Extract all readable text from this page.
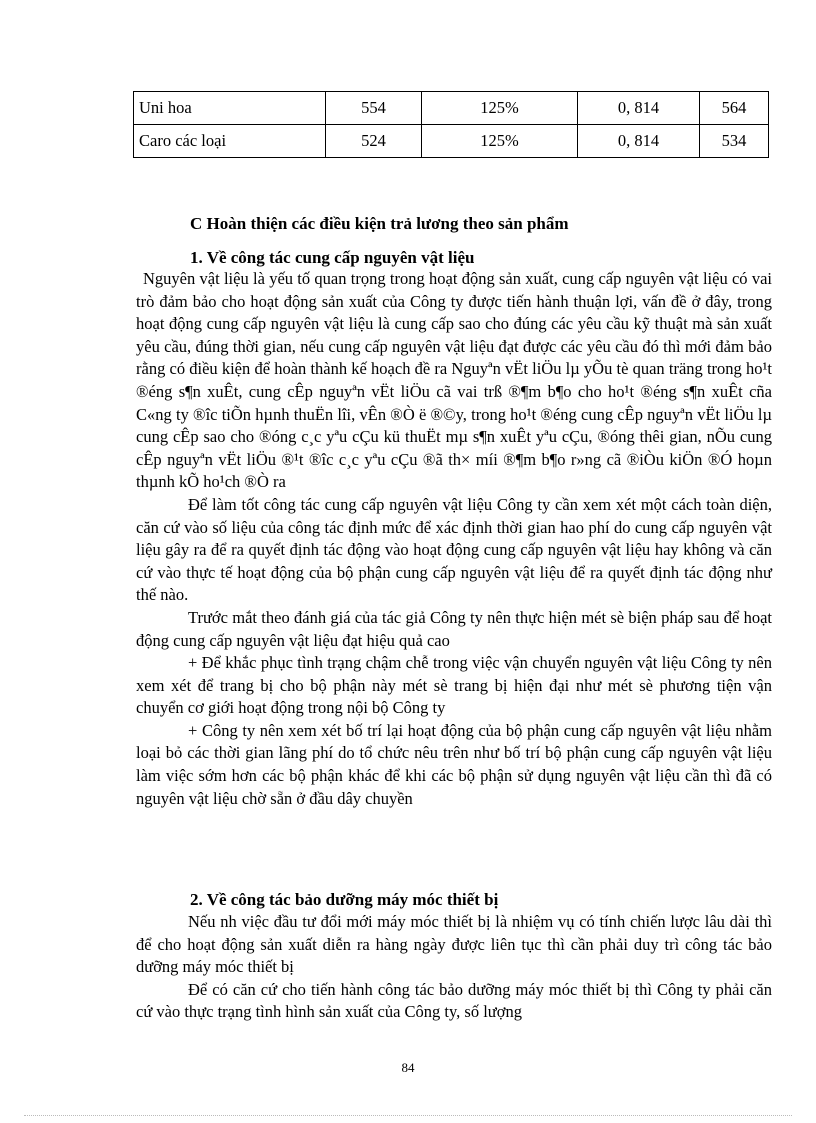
Uni hoa	554	125%	0, 814	564
Caro các loại	524	125%	0, 814	534
C Hoàn thiện các điều kiện trả lương theo sản phẩm
1. Về công tác cung cấp nguyên vật liệu

Nguyên vật liệu là yếu tố quan trọng trong hoạt động sản xuất, cung cấp nguyên vật liệu có vai trò đảm bảo cho hoạt động sản xuất của Công ty được tiến hành thuận lợi, vấn đề ở đây, trong hoạt động cung cấp nguyên vật liệu là cung cấp sao cho đúng các yêu cầu kỹ thuật mà sản xuất yêu cầu, đúng thời gian, nếu cung cấp nguyên vật liệu đạt được các yêu cầu đó thì mới đảm bảo rằng có điều kiện để hoàn thành kế hoạch đề ra Nguyªn vËt liÖu lµ yÕu tè quan träng trong ho¹t ®éng s¶n xuÊt, cung cÊp nguyªn vËt liÖu cã vai trß ®¶m b¶o cho ho¹t ®éng s¶n xuÊt cña C«ng ty ®îc tiÕn hµnh thuËn lîi, vÊn ®Ò ë ®©y, trong ho¹t ®éng cung cÊp nguyªn vËt liÖu lµ cung cÊp sao cho ®óng c¸c yªu cÇu kü thuËt mµ s¶n xuÊt yªu cÇu, ®óng thêi gian, nÕu cung cÊp nguyªn vËt liÖu ®¹t ®îc c¸c yªu cÇu ®ã th× míi ®¶m b¶o r»ng cã ®iÒu kiÖn ®Ó hoµn thµnh kÕ ho¹ch ®Ò ra

Để làm tốt công tác cung cấp nguyên vật liệu Công ty cần xem xét một cách toàn diện, căn cứ vào số liệu của công tác định mức để xác định thời gian hao phí do cung cấp nguyên vật liệu gây ra để ra quyết định tác động vào hoạt động cung cấp nguyên vật liệu hay không và căn cứ vào thực tế hoạt động của bộ phận cung cấp nguyên vật liệu để ra quyết định tác động như thế nào.

Trước mắt theo đánh giá của tác giả Công ty nên thực hiện mét sè biện pháp sau để hoạt động cung cấp nguyên vật liệu đạt hiệu quả cao

+ Để khắc phục tình trạng chậm chễ trong việc vận chuyển nguyên vật liệu Công ty nên xem xét để trang bị cho bộ phận này mét sè trang bị hiện đại như mét sè phương tiện vận chuyển cơ giới hoạt động trong nội bộ Công ty

+ Công ty nên xem xét bố trí lại hoạt động của bộ phận cung cấp nguyên vật liệu nhằm loại bỏ các thời gian lãng phí do tổ chức nêu trên như bố trí bộ phận cung cấp nguyên vật liệu làm việc sớm hơn các bộ phận khác để khi các bộ phận sử dụng nguyên vật liệu cần thì đã có nguyên vật liệu chờ sẵn ở đầu dây chuyền

2. Về công tác bảo dưỡng máy móc thiết bị

Nếu nh việc đầu tư đổi mới máy móc thiết bị là nhiệm vụ có tính chiến lược lâu dài thì để cho hoạt động sản xuất diễn ra hàng ngày được liên tục thì cần phải duy trì công tác bảo dưỡng máy móc thiết bị

Để có căn cứ cho tiến hành công tác bảo dưỡng máy móc thiết bị thì Công ty phải căn cứ vào thực trạng tình hình sản xuất của Công ty, số lượng

84
